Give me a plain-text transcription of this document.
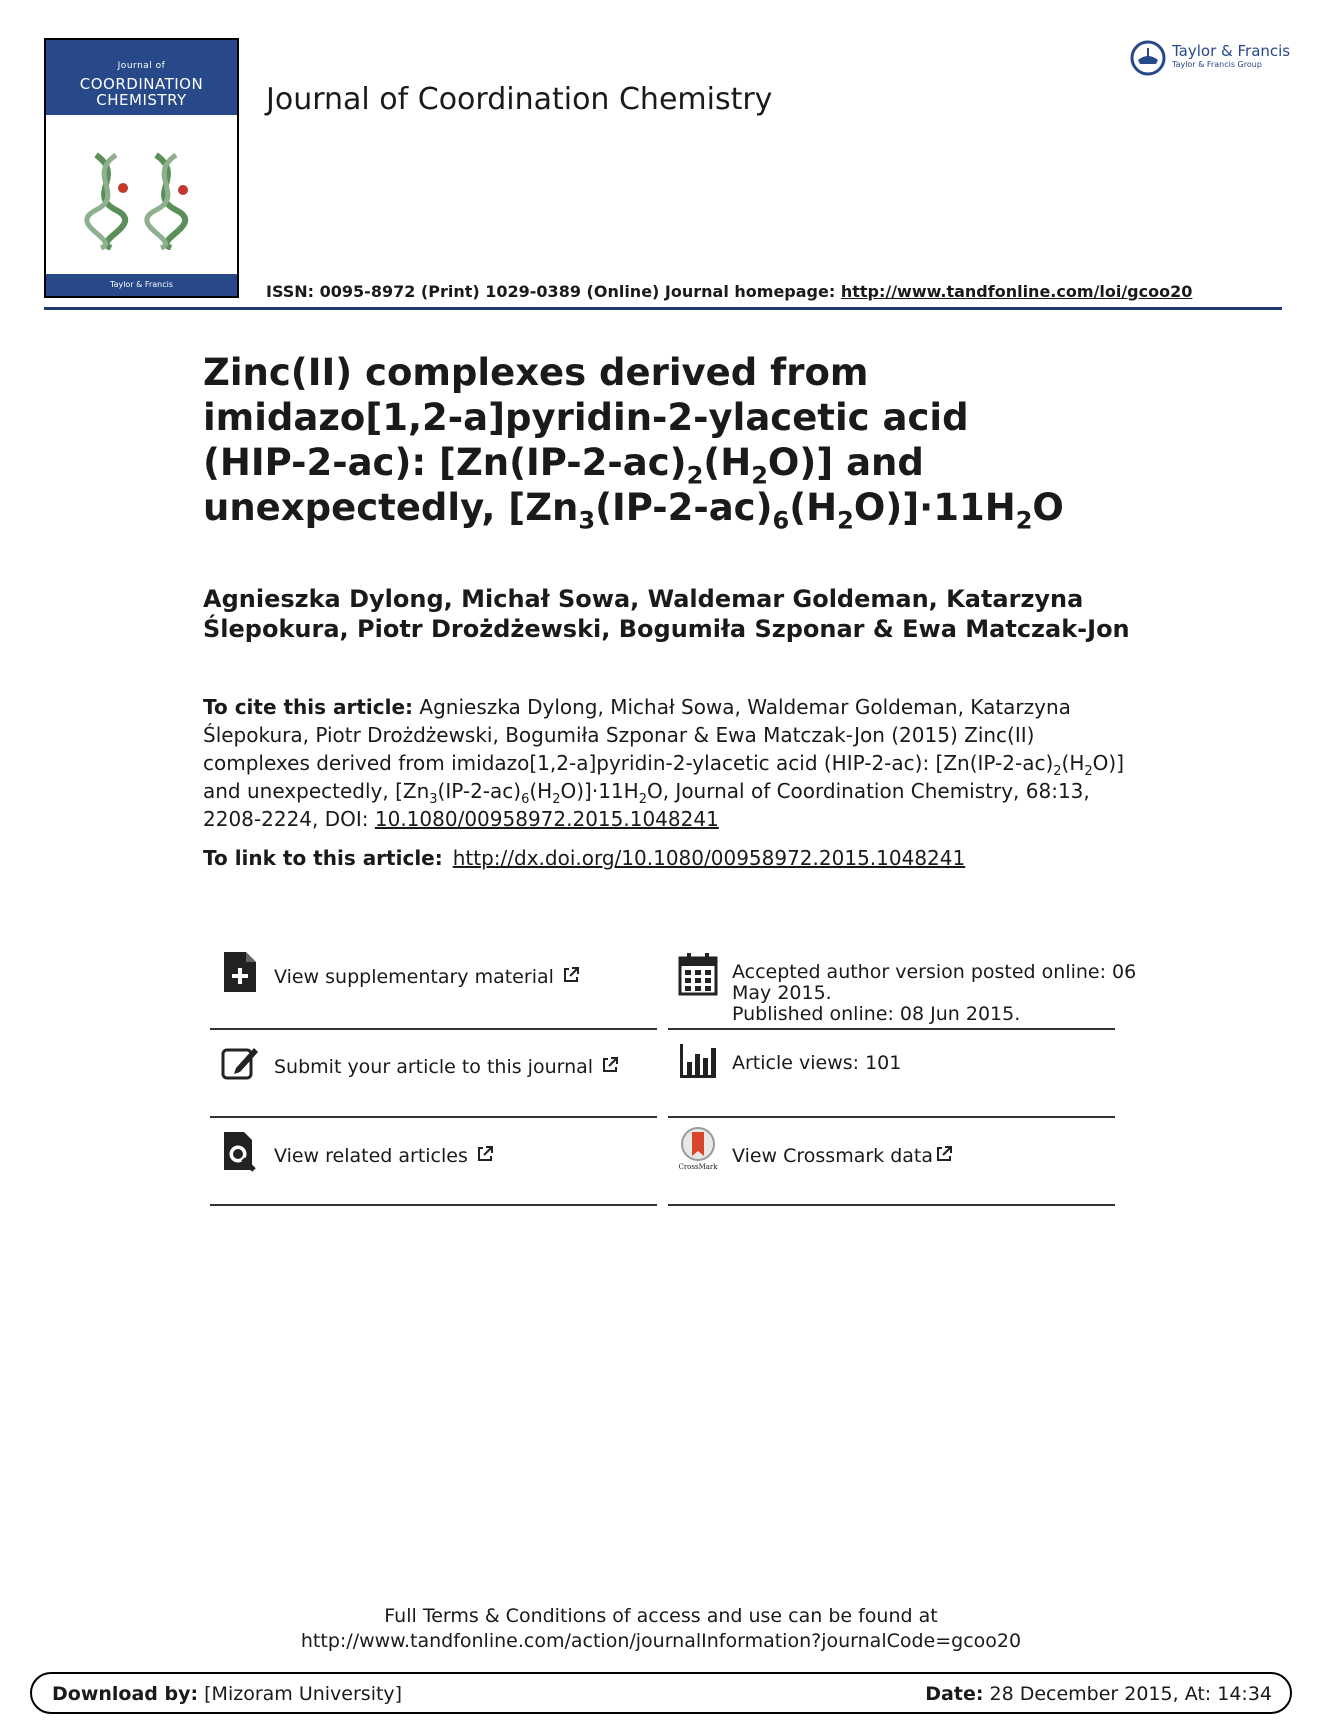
Journal of
COORDINATION
CHEMISTRY
Taylor & Francis
Journal of Coordination Chemistry
Taylor & Francis
Taylor & Francis Group
ISSN: 0095-8972 (Print) 1029-0389 (Online) Journal homepage: http://www.tandfonline.com/loi/gcoo20
Zinc(II) complexes derived from imidazo[1,2-a]pyridin-2-ylacetic acid (HIP-2-ac): $[Zn(IP-2-ac)_2(H_2O)]$ and unexpectedly, $[Zn_3(IP-2-ac)_6(H_2O)]\cdot 11H_2O$
Agnieszka Dylong, Michał Sowa, Waldemar Goldeman, Katarzyna Ślepokura, Piotr Drożdżewski, Bogumiła Szponar & Ewa Matczak-Jon
To cite this article: Agnieszka Dylong, Michał Sowa, Waldemar Goldeman, Katarzyna Ślepokura, Piotr Drożdżewski, Bogumiła Szponar & Ewa Matczak-Jon (2015) Zinc(II) complexes derived from imidazo[1,2-a]pyridin-2-ylacetic acid (HIP-2-ac): $[Zn(IP-2-ac)_2(H_2O)]$ and unexpectedly, $[Zn_3(IP-2-ac)_6(H_2O)]\cdot 11H_2O$, Journal of Coordination Chemistry, 68:13, 2208-2224, DOI: 10.1080/00958972.2015.1048241
To link to this article: http://dx.doi.org/10.1080/00958972.2015.1048241
View supplementary material	Accepted author version posted online: 06
May 2015.
Published online: 08 Jun 2015.
Submit your article to this journal	Article views: 101
View related articles	CrossMark View Crossmark data
Full Terms & Conditions of access and use can be found at
http://www.tandfonline.com/action/journalInformation?journalCode=gcoo20
Download by: [Mizoram University]	Date: 28 December 2015, At: 14:34
